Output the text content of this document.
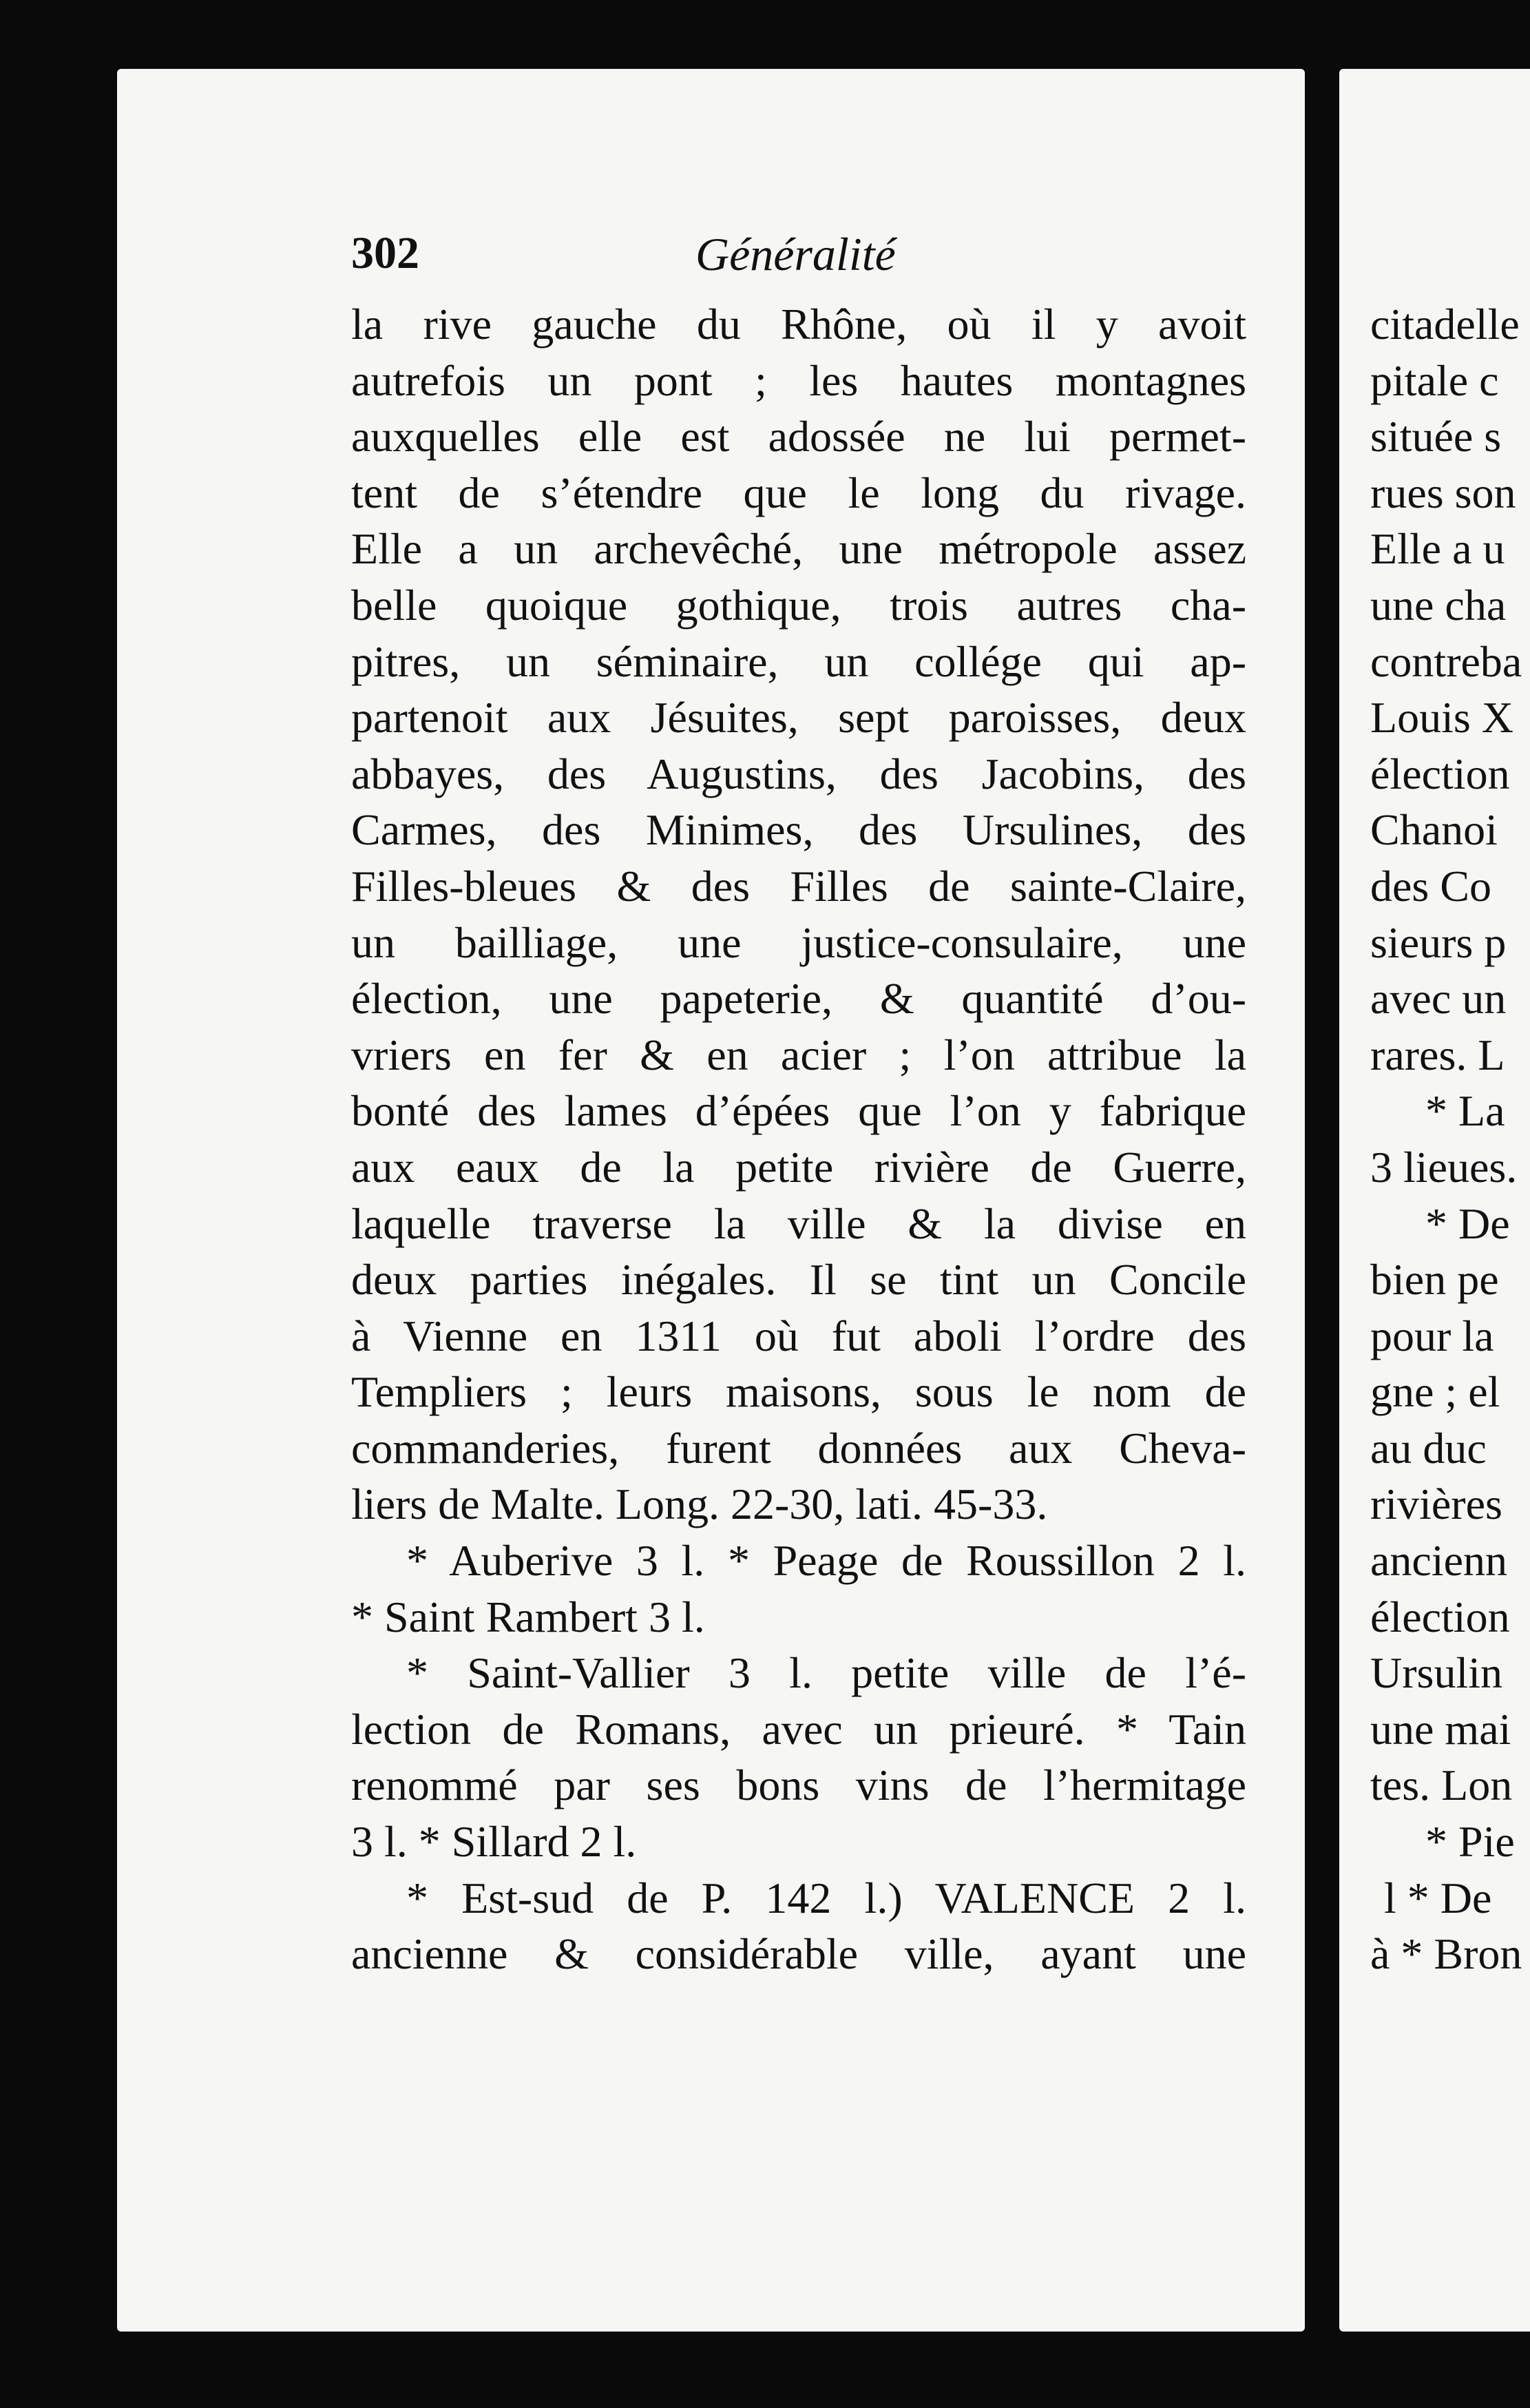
302	Généralité
la rive gauche du Rhône, où il y avoit
autrefois un pont ; les hautes montagnes
auxquelles elle est adossée ne lui permet-
tent de s’étendre que le long du rivage.
Elle a un archevêché, une métropole assez
belle quoique gothique, trois autres cha-
pitres, un séminaire, un collége qui ap-
partenoit aux Jésuites, sept paroisses, deux
abbayes, des Augustins, des Jacobins, des
Carmes, des Minimes, des Ursulines, des
Filles-bleues & des Filles de sainte-Claire,
un bailliage, une justice-consulaire, une
élection, une papeterie, & quantité d’ou-
vriers en fer & en acier ; l’on attribue la
bonté des lames d’épées que l’on y fabrique
aux eaux de la petite rivière de Guerre,
laquelle traverse la ville & la divise en
deux parties inégales. Il se tint un Concile
à Vienne en 1311 où fut aboli l’ordre des
Templiers ; leurs maisons, sous le nom de
commanderies, furent données aux Cheva-
liers de Malte. Long. 22-30, lati. 45-33.
* Auberive 3 l. * Peage de Roussillon 2 l.
* Saint Rambert 3 l.
* Saint-Vallier 3 l. petite ville de l’é-
lection de Romans, avec un prieuré. * Tain
renommé par ses bons vins de l’hermitage
3 l. * Sillard 2 l.
* Est-sud de P. 142 l.) VALENCE 2 l.
ancienne & considérable ville, ayant une
citadelle
pitale c
située s
rues son
Elle a u
une cha
contreba
Louis X
élection
Chanoi
des Co
sieurs p
avec un
rares. L
* La
3 lieues.
* De
bien pe
pour la
gne ; el
au duc
rivières
ancienn
élection
Ursulin
une mai
tes. Lon
* Pie
l * De
à * Bron
